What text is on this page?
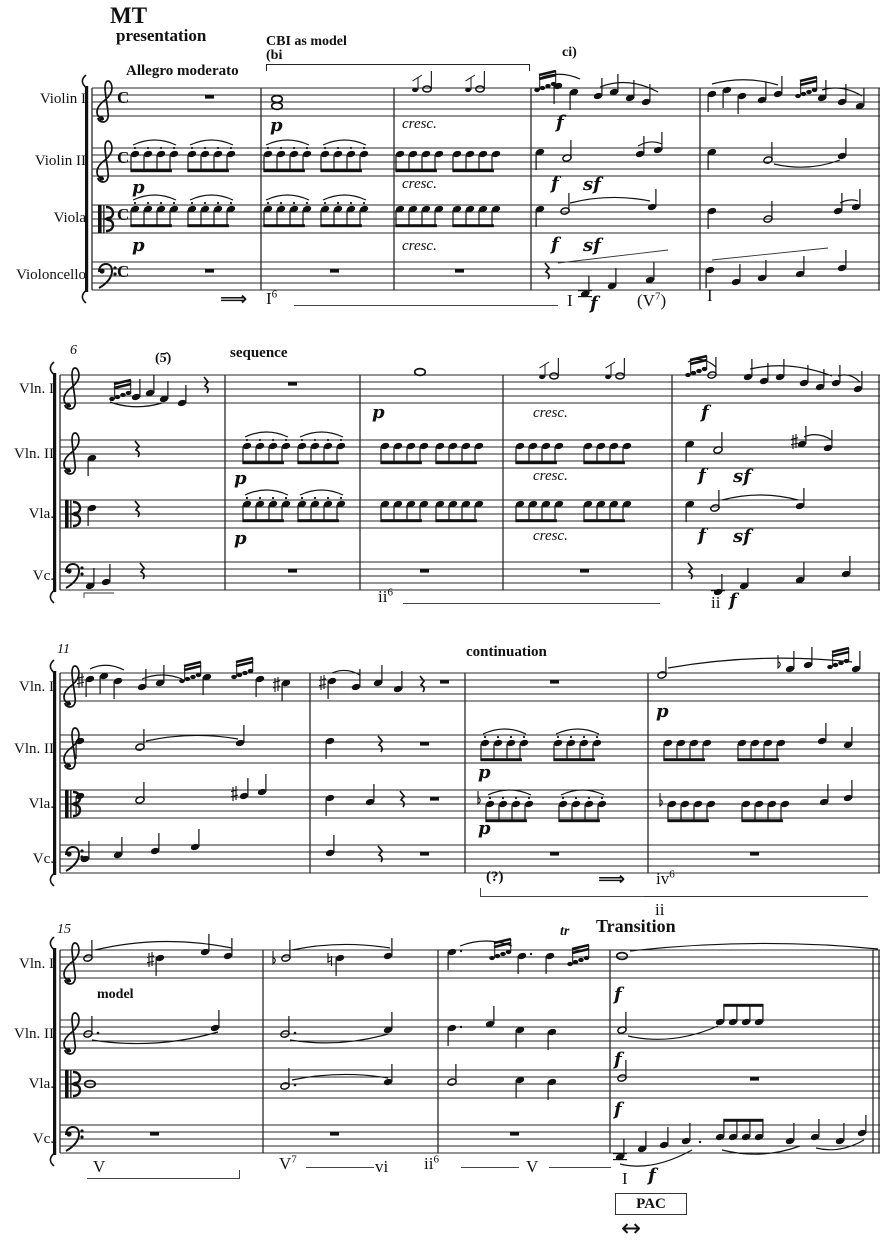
MT
presentation	CBI as model
(bi	ci)
Allegro moderato
Violin I
Violin II
Viola
Violoncello
C
C
C
C
p	cresc.	f
p	cresc.	f sf
p	cresc.	f sf
⟹ $I^6$	I f $(V^7)$ I
6
(5̂)	sequence
Vln. I
Vln. II
Vla.
Vc.
p	cresc.	f
p	cresc.	f sf
p	cresc.	f sf
$ii^6$
ii f
11	continuation
Vln. I
Vln. II
Vla.
Vc.
p
p
p
(?)	⟹ $iv^6$
ii
15
model
tr Transition
Vln. I
Vln. II
Vla.
Vc.
f
f
f
V	$V^7$	vi $ii^6$	V
I f
PAC
↔
